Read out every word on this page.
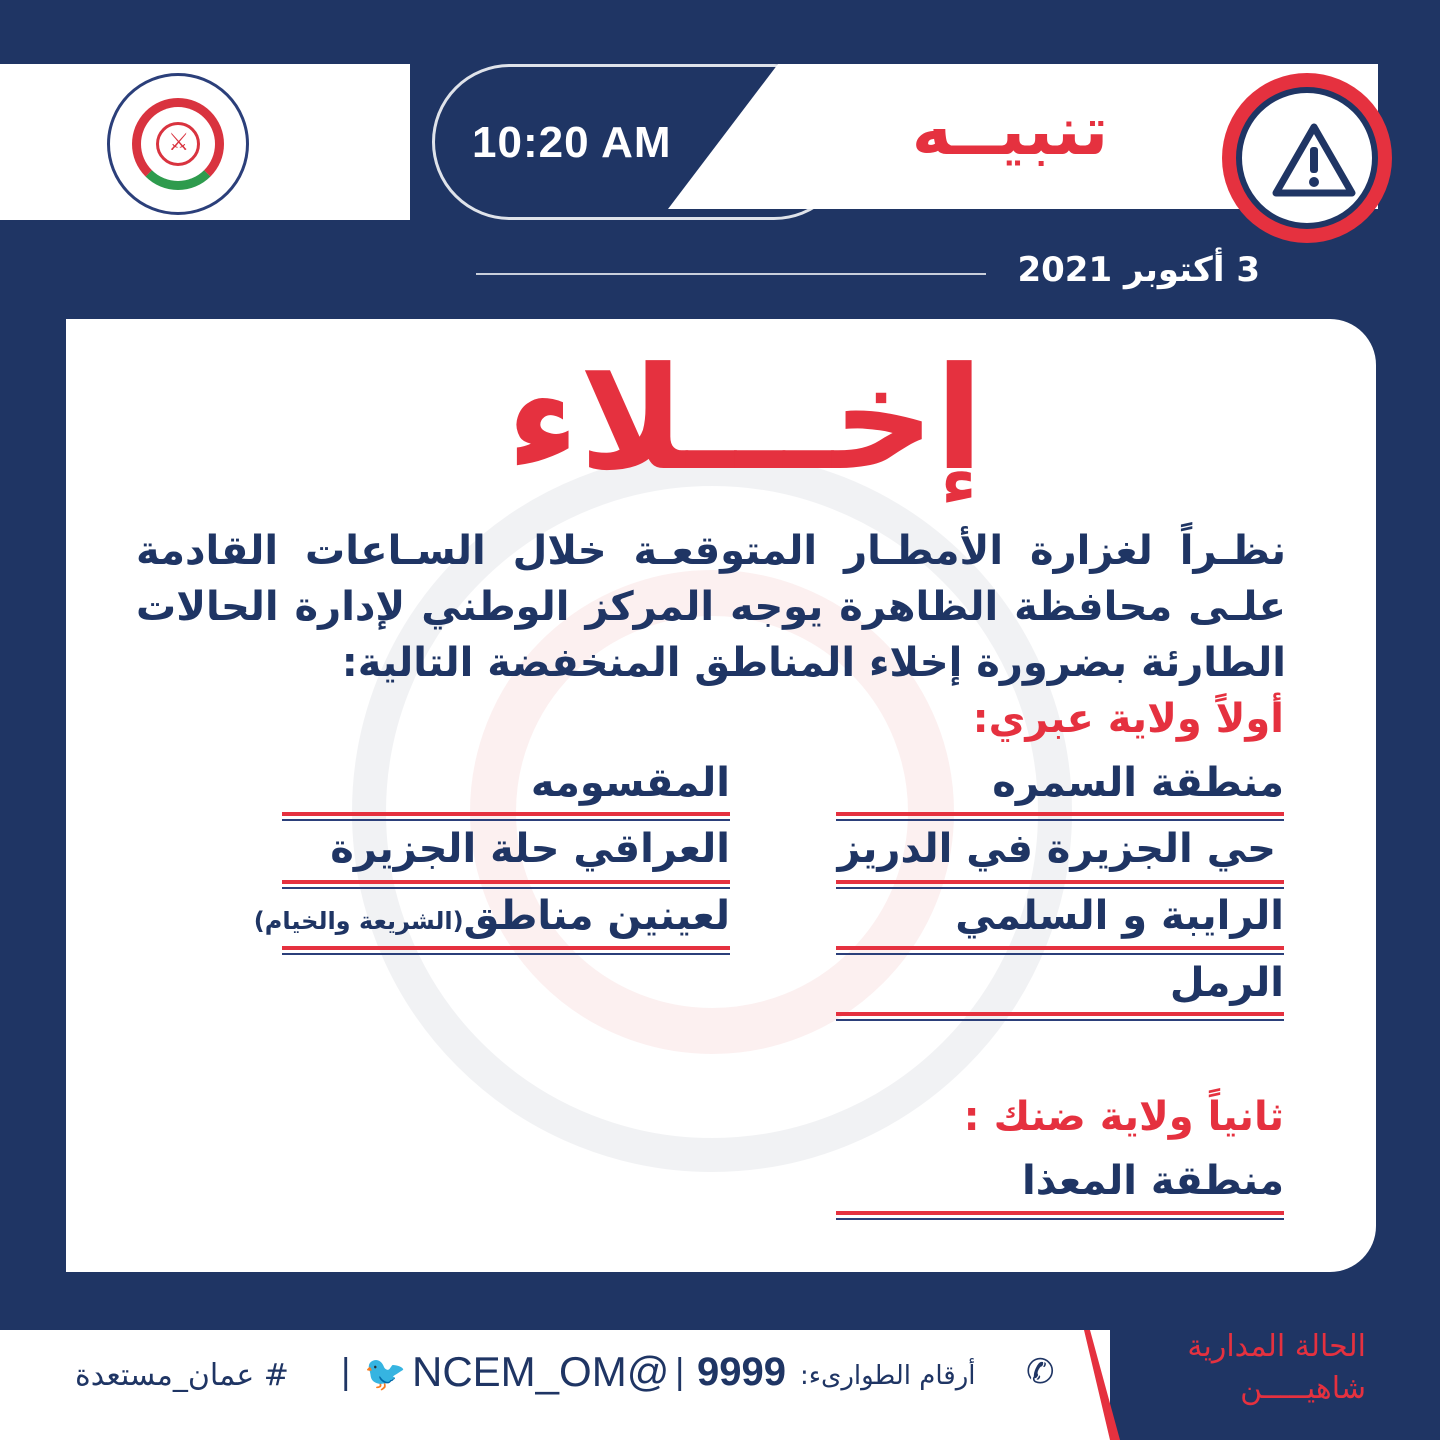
⚔	10:20 AM	تنبيــه
3 أكتوبر 2021
إخـــلاء
نظـراً لغزارة الأمطـار المتوقعـة خلال السـاعات القادمة علـى محافظة الظاهرة يوجه المركز الوطني لإدارة الحالات الطارئة بضرورة إخلاء المناطق المنخفضة التالية:
أولاً ولاية عبري:
منطقة السمره
حي الجزيرة في الدريز
الرايبة و السلمي
الرمل
المقسومه
العراقي حلة الجزيرة
لعينين مناطق(الشريعة والخيام)
ثانياً ولاية ضنك :
منطقة المعذا
# عمان_مستعدة | 🐦 @NCEM_OM | 9999 أرقام الطوارىء: ✆
الحالة المدارية
شاهيـــــن
